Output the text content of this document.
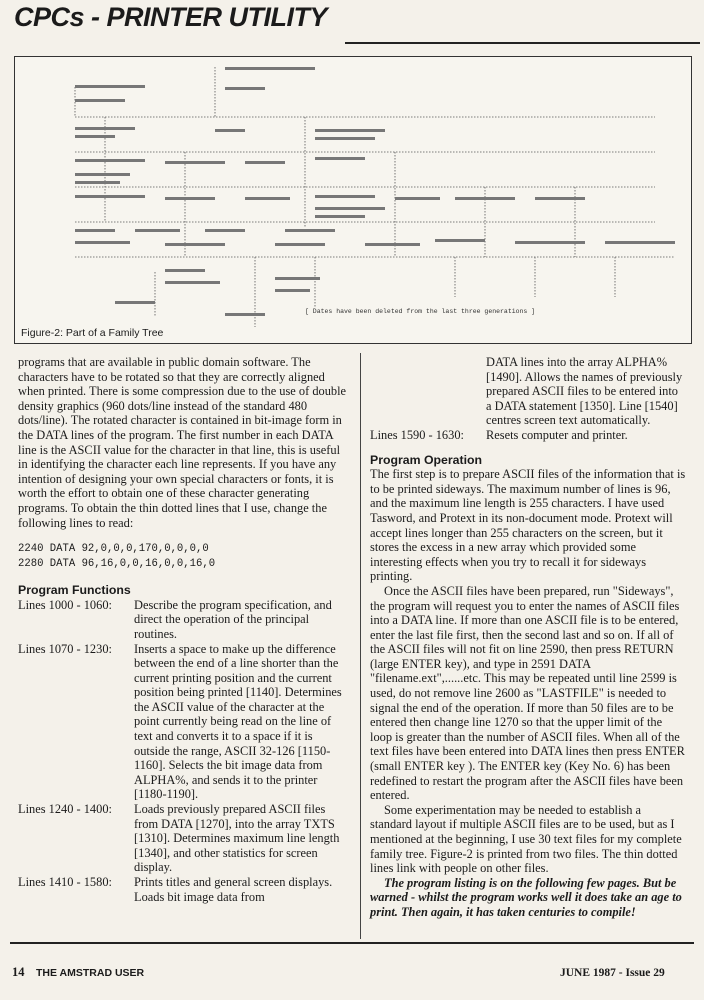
CPCs - PRINTER UTILITY
[ Dates have been deleted from the last three generations ]
Figure-2: Part of a Family Tree

programs that are available in public domain software. The characters have to be rotated so that they are correctly aligned when printed. There is some compression due to the use of double density graphics (960 dots/line instead of the standard 480 dots/line). The rotated character is contained in bit-image form in the DATA lines of the program. The first number in each DATA line is the ASCII value for the character in that line, this is useful in identifying the character each line represents. If you have any intention of designing your own special characters or fonts, it is worth the effort to obtain one of these character generating programs. To obtain the thin dotted lines that I use, change the following lines to read:

2240 DATA 92,0,0,0,170,0,0,0,0

2280 DATA 96,16,0,0,16,0,0,16,0

Program Functions

Lines 1000 - 1060:	Describe the program specification, and direct the operation of the principal routines.
Lines 1070 - 1230:	Inserts a space to make up the difference between the end of a line shorter than the current printing position and the current position being printed [1140]. Determines the ASCII value of the character at the point currently being read on the line of text and converts it to a space if it is outside the range, ASCII 32-126 [1150-1160]. Selects the bit image data from ALPHA%, and sends it to the printer [1180-1190].
Lines 1240 - 1400:	Loads previously prepared ASCII files from DATA [1270], into the array TXTS [1310]. Determines maximum line length [1340], and other statistics for screen display.
Lines 1410 - 1580:	Prints titles and general screen displays. Loads bit image data from

DATA lines into the array ALPHA% [1490]. Allows the names of previously prepared ASCII files to be entered into a DATA statement [1350]. Line [1540] centres screen text automatically.

Lines 1590 - 1630:	Resets computer and printer.

Program Operation

The first step is to prepare ASCII files of the information that is to be printed sideways. The maximum number of lines is 96, and the maximum line length is 255 characters. I have used Tasword, and Protext in its non-document mode. Protext will accept lines longer than 255 characters on the screen, but it stores the excess in a new array which provided some interesting effects when you try to recall it for sideways printing.

Once the ASCII files have been prepared, run "Sideways", the program will request you to enter the names of ASCII files into a DATA line. If more than one ASCII file is to be entered, enter the last file first, then the second last and so on. If all of the ASCII files will not fit on line 2590, then press RETURN (large ENTER key), and type in 2591 DATA "filename.ext",......etc. This may be repeated until line 2599 is used, do not remove line 2600 as "LASTFILE" is needed to signal the end of the operation. If more than 50 files are to be entered then change line 1270 so that the upper limit of the loop is greater than the number of ASCII files. When all of the text files have been entered into DATA lines then press ENTER (small ENTER key ). The ENTER key (Key No. 6) has been redefined to restart the program after the ASCII files have been entered.

Some experimentation may be needed to establish a standard layout if multiple ASCII files are to be used, but as I mentioned at the beginning, I use 30 text files for my complete family tree. Figure-2 is printed from two files. The thin dotted lines link with people on other files.

The program listing is on the following few pages. But be warned - whilst the program works well it does take an age to print. Then again, it has taken centuries to compile!

14 THE AMSTRAD USER	JUNE 1987 - Issue 29
